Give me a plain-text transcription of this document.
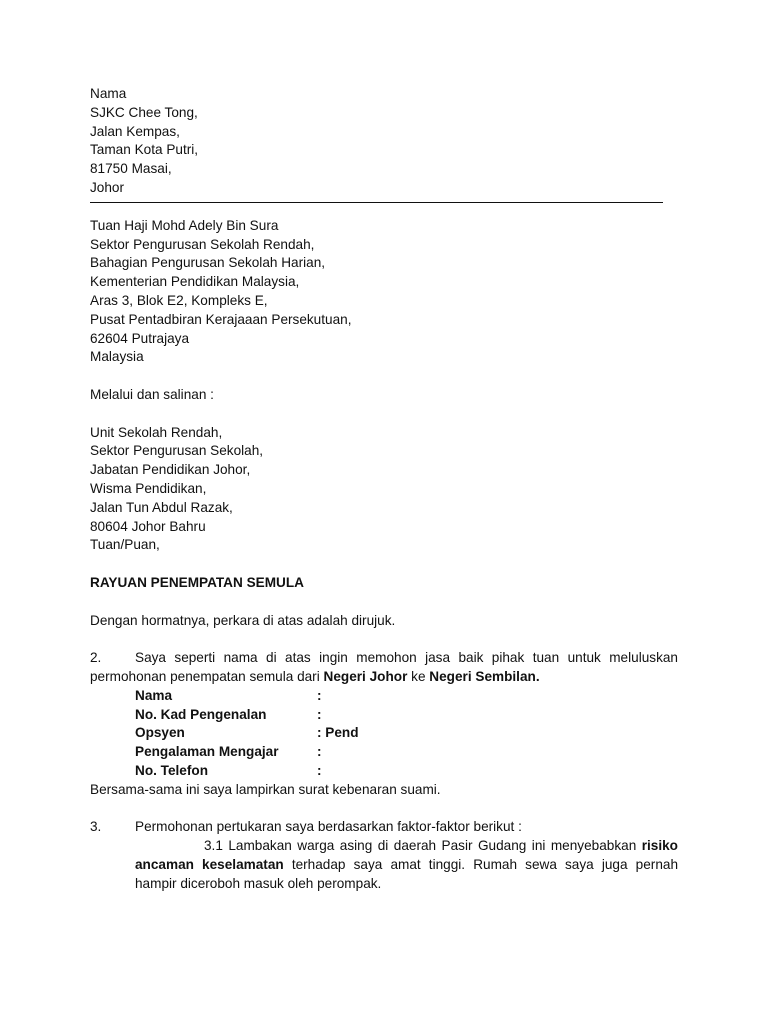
Nama
SJKC Chee Tong,
Jalan Kempas,
Taman Kota Putri,
81750 Masai,
Johor
Tuan Haji Mohd Adely Bin Sura
Sektor Pengurusan Sekolah Rendah,
Bahagian Pengurusan Sekolah Harian,
Kementerian Pendidikan Malaysia,
Aras 3, Blok E2, Kompleks E,
Pusat Pentadbiran Kerajaaan Persekutuan,
62604 Putrajaya
Malaysia
Melalui dan salinan :
Unit Sekolah Rendah,
Sektor Pengurusan Sekolah,
Jabatan Pendidikan Johor,
Wisma Pendidikan,
Jalan Tun Abdul Razak,
80604 Johor Bahru
Tuan/Puan,
RAYUAN PENEMPATAN SEMULA
Dengan hormatnya, perkara di atas adalah dirujuk.
2. Saya seperti nama di atas ingin memohon jasa baik pihak tuan untuk meluluskan
permohonan penempatan semula dari Negeri Johor ke Negeri Sembilan.
Nama	:
No. Kad Pengenalan	:
Opsyen	: Pend
Pengalaman Mengajar	:
No. Telefon	:
Bersama-sama ini saya lampirkan surat kebenaran suami.
3. Permohonan pertukaran saya berdasarkan faktor-faktor berikut :
3.1 Lambakan warga asing di daerah Pasir Gudang ini menyebabkan risiko ancaman keselamatan terhadap saya amat tinggi. Rumah sewa saya juga pernah hampir diceroboh masuk oleh perompak.
